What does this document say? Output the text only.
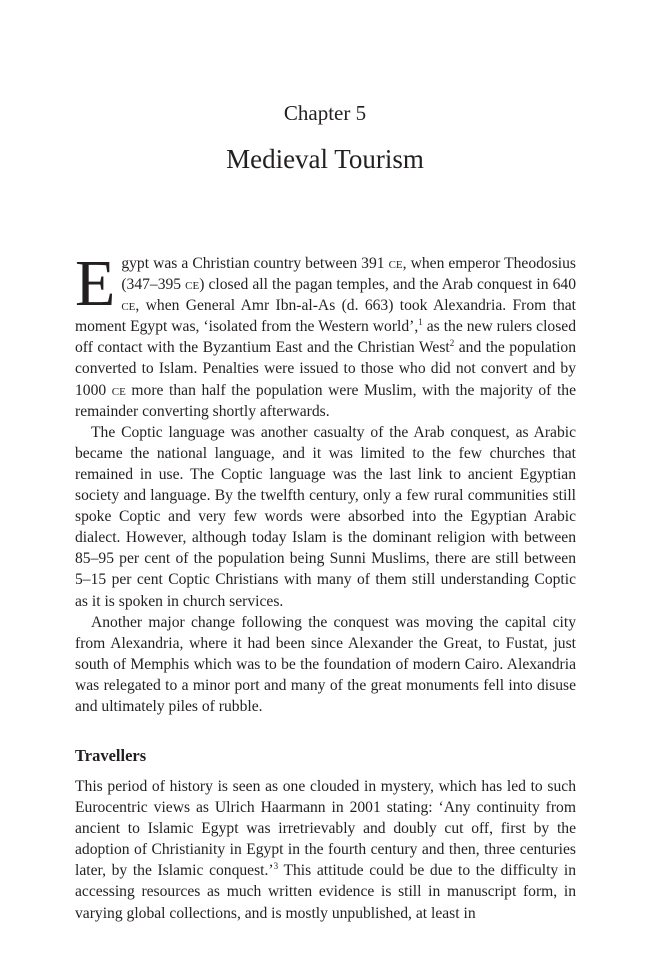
Chapter 5
Medieval Tourism

Egypt was a Christian country between 391 ce, when emperor Theodosius (347–395 ce) closed all the pagan temples, and the Arab conquest in 640 ce, when General Amr Ibn-al-As (d. 663) took Alexandria. From that moment Egypt was, ‘isolated from the Western world’,$^1$ as the new rulers closed off contact with the Byzantium East and the Christian West$^2$ and the population converted to Islam. Penalties were issued to those who did not convert and by 1000 ce more than half the population were Muslim, with the majority of the remainder converting shortly afterwards.

The Coptic language was another casualty of the Arab conquest, as Arabic became the national language, and it was limited to the few churches that remained in use. The Coptic language was the last link to ancient Egyptian society and language. By the twelfth century, only a few rural communities still spoke Coptic and very few words were absorbed into the Egyptian Arabic dialect. However, although today Islam is the dominant religion with between 85–95 per cent of the population being Sunni Muslims, there are still between 5–15 per cent Coptic Christians with many of them still understanding Coptic as it is spoken in church services.

Another major change following the conquest was moving the capital city from Alexandria, where it had been since Alexander the Great, to Fustat, just south of Memphis which was to be the foundation of modern Cairo. Alexandria was relegated to a minor port and many of the great monuments fell into disuse and ultimately piles of rubble.

Travellers

This period of history is seen as one clouded in mystery, which has led to such Eurocentric views as Ulrich Haarmann in 2001 stating: ‘Any continuity from ancient to Islamic Egypt was irretrievably and doubly cut off, first by the adoption of Christianity in Egypt in the fourth century and then, three centuries later, by the Islamic conquest.’$^3$ This attitude could be due to the difficulty in accessing resources as much written evidence is still in manuscript form, in varying global collections, and is mostly unpublished, at least in
